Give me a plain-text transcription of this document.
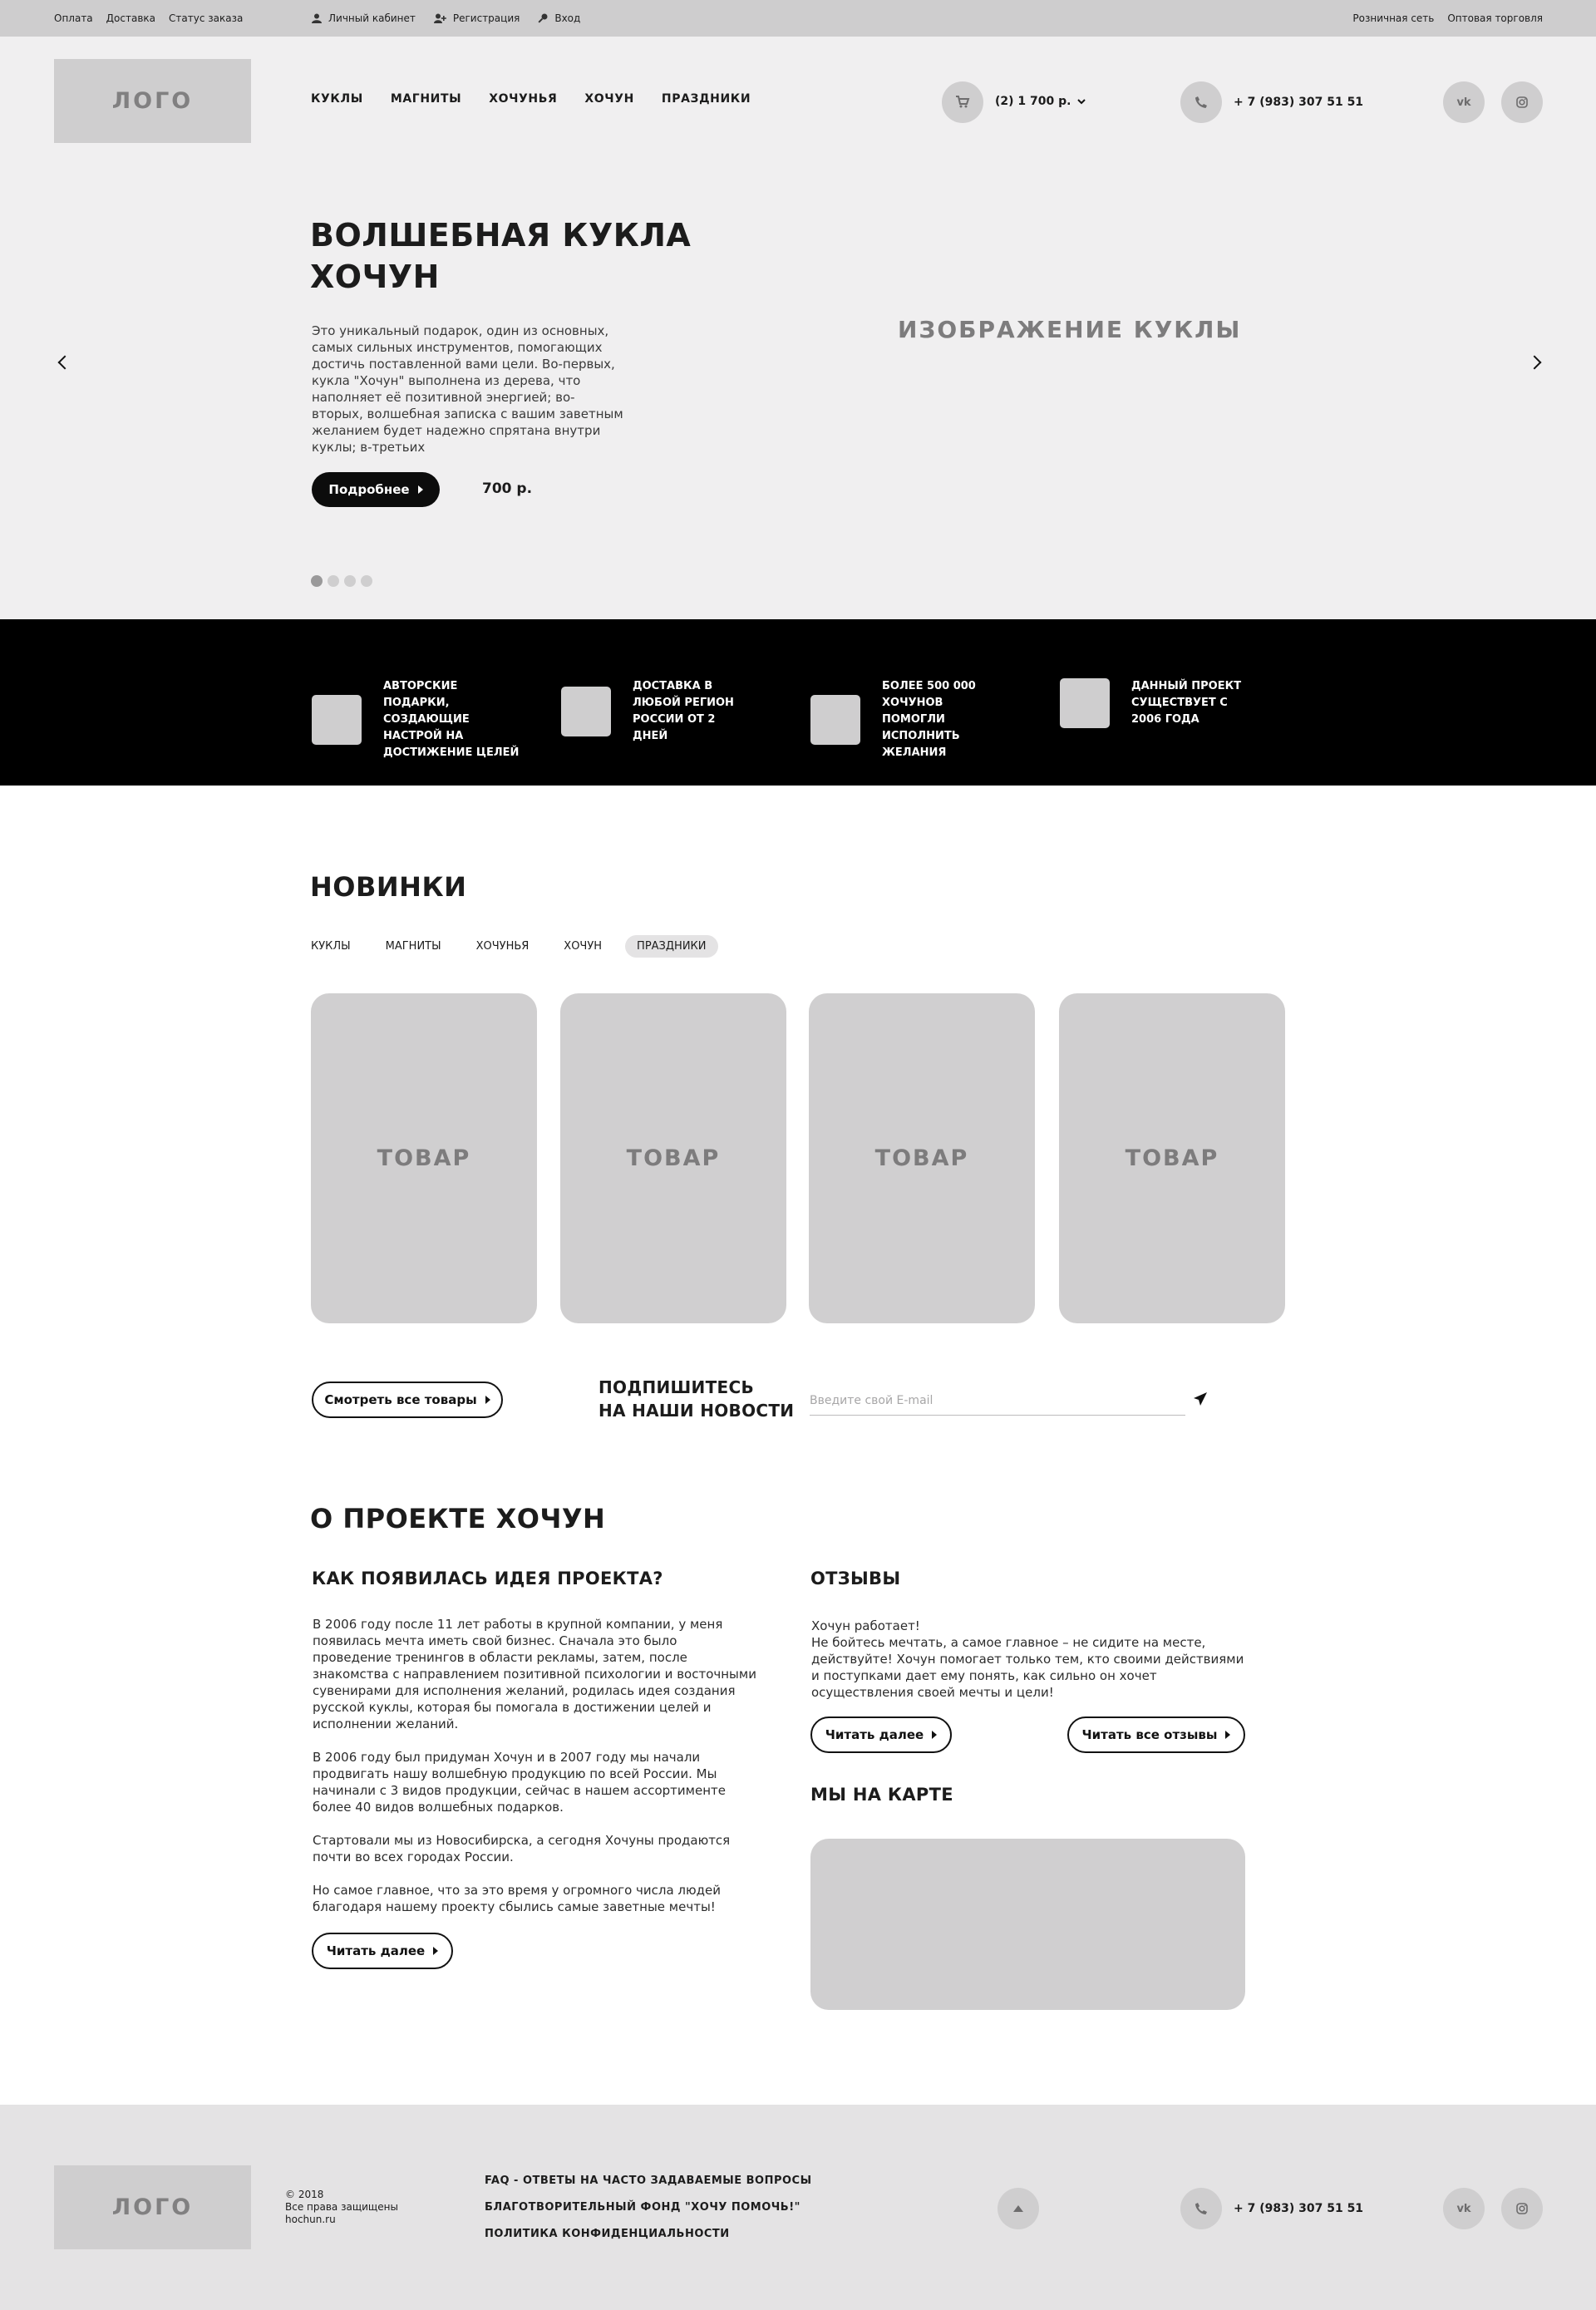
Оплата Доставка Статус заказа	Личный кабинет	Регистрация	Вход	Розничная сеть Оптовая торговля
ЛОГО	КУКЛЫ МАГНИТЫ ХОЧУНЬЯ ХОЧУН ПРАЗДНИКИ	(2) 1 700 р.	+ 7 (983) 307 51 51	vk
ВОЛШЕБНАЯ КУКЛА ХОЧУН
Это уникальный подарок, один из основных, самых сильных инструментов, помогающих достичь поставленной вами цели. Во-первых, кукла "Хочун" выполнена из дерева, что наполняет её позитивной энергией; во-вторых, волшебная записка с вашим заветным желанием будет надежно спрятана внутри куклы; в-третьих
Подробнее	700 р.
ИЗОБРАЖЕНИЕ КУКЛЫ
АВТОРСКИЕ ПОДАРКИ, СОЗДАЮЩИЕ НАСТРОЙ НА ДОСТИЖЕНИЕ ЦЕЛЕЙ
ДОСТАВКА В ЛЮБОЙ РЕГИОН РОССИИ ОТ 2 ДНЕЙ
БОЛЕЕ 500 000 ХОЧУНОВ ПОМОГЛИ ИСПОЛНИТЬ ЖЕЛАНИЯ
ДАННЫЙ ПРОЕКТ СУЩЕСТВУЕТ С 2006 ГОДА
НОВИНКИ
КУКЛЫ	МАГНИТЫ	ХОЧУНЬЯ	ХОЧУН	ПРАЗДНИКИ
ТОВАР	ТОВАР	ТОВАР	ТОВАР
Смотреть все товары
ПОДПИШИТЕСЬ
НА НАШИ НОВОСТИ
Введите свой E-mail
О ПРОЕКТЕ ХОЧУН
КАК ПОЯВИЛАСЬ ИДЕЯ ПРОЕКТА?

В 2006 году после 11 лет работы в крупной компании, у меня появилась мечта иметь свой бизнес. Сначала это было проведение тренингов в области рекламы, затем, после знакомства с направлением позитивной психологии и восточными сувенирами для исполнения желаний, родилась идея создания русской куклы, которая бы помогала в достижении целей и исполнении желаний.

В 2006 году был придуман Хочун и в 2007 году мы начали продвигать нашу волшебную продукцию по всей России. Мы начинали с 3 видов продукции, сейчас в нашем ассортименте более 40 видов волшебных подарков.

Стартовали мы из Новосибирска, а сегодня Хочуны продаются почти во всех городах России.

Но самое главное, что за это время у огромного числа людей благодаря нашему проекту сбылись самые заветные мечты!

Читать далее
ОТЗЫВЫ

Хочун работает!
Не бойтесь мечтать, а самое главное – не сидите на месте, действуйте! Хочун помогает только тем, кто своими действиями и поступками дает ему понять, как сильно он хочет осуществления своей мечты и цели!

Читать далее	Читать все отзывы
МЫ НА КАРТЕ
ЛОГО	© 2018
Все права защищены
hochun.ru
FAQ - ОТВЕТЫ НА ЧАСТО ЗАДАВАЕМЫЕ ВОПРОСЫ
БЛАГОТВОРИТЕЛЬНЫЙ ФОНД "ХОЧУ ПОМОЧЬ!"
ПОЛИТИКА КОНФИДЕНЦИАЛЬНОСТИ
+ 7 (983) 307 51 51	vk
